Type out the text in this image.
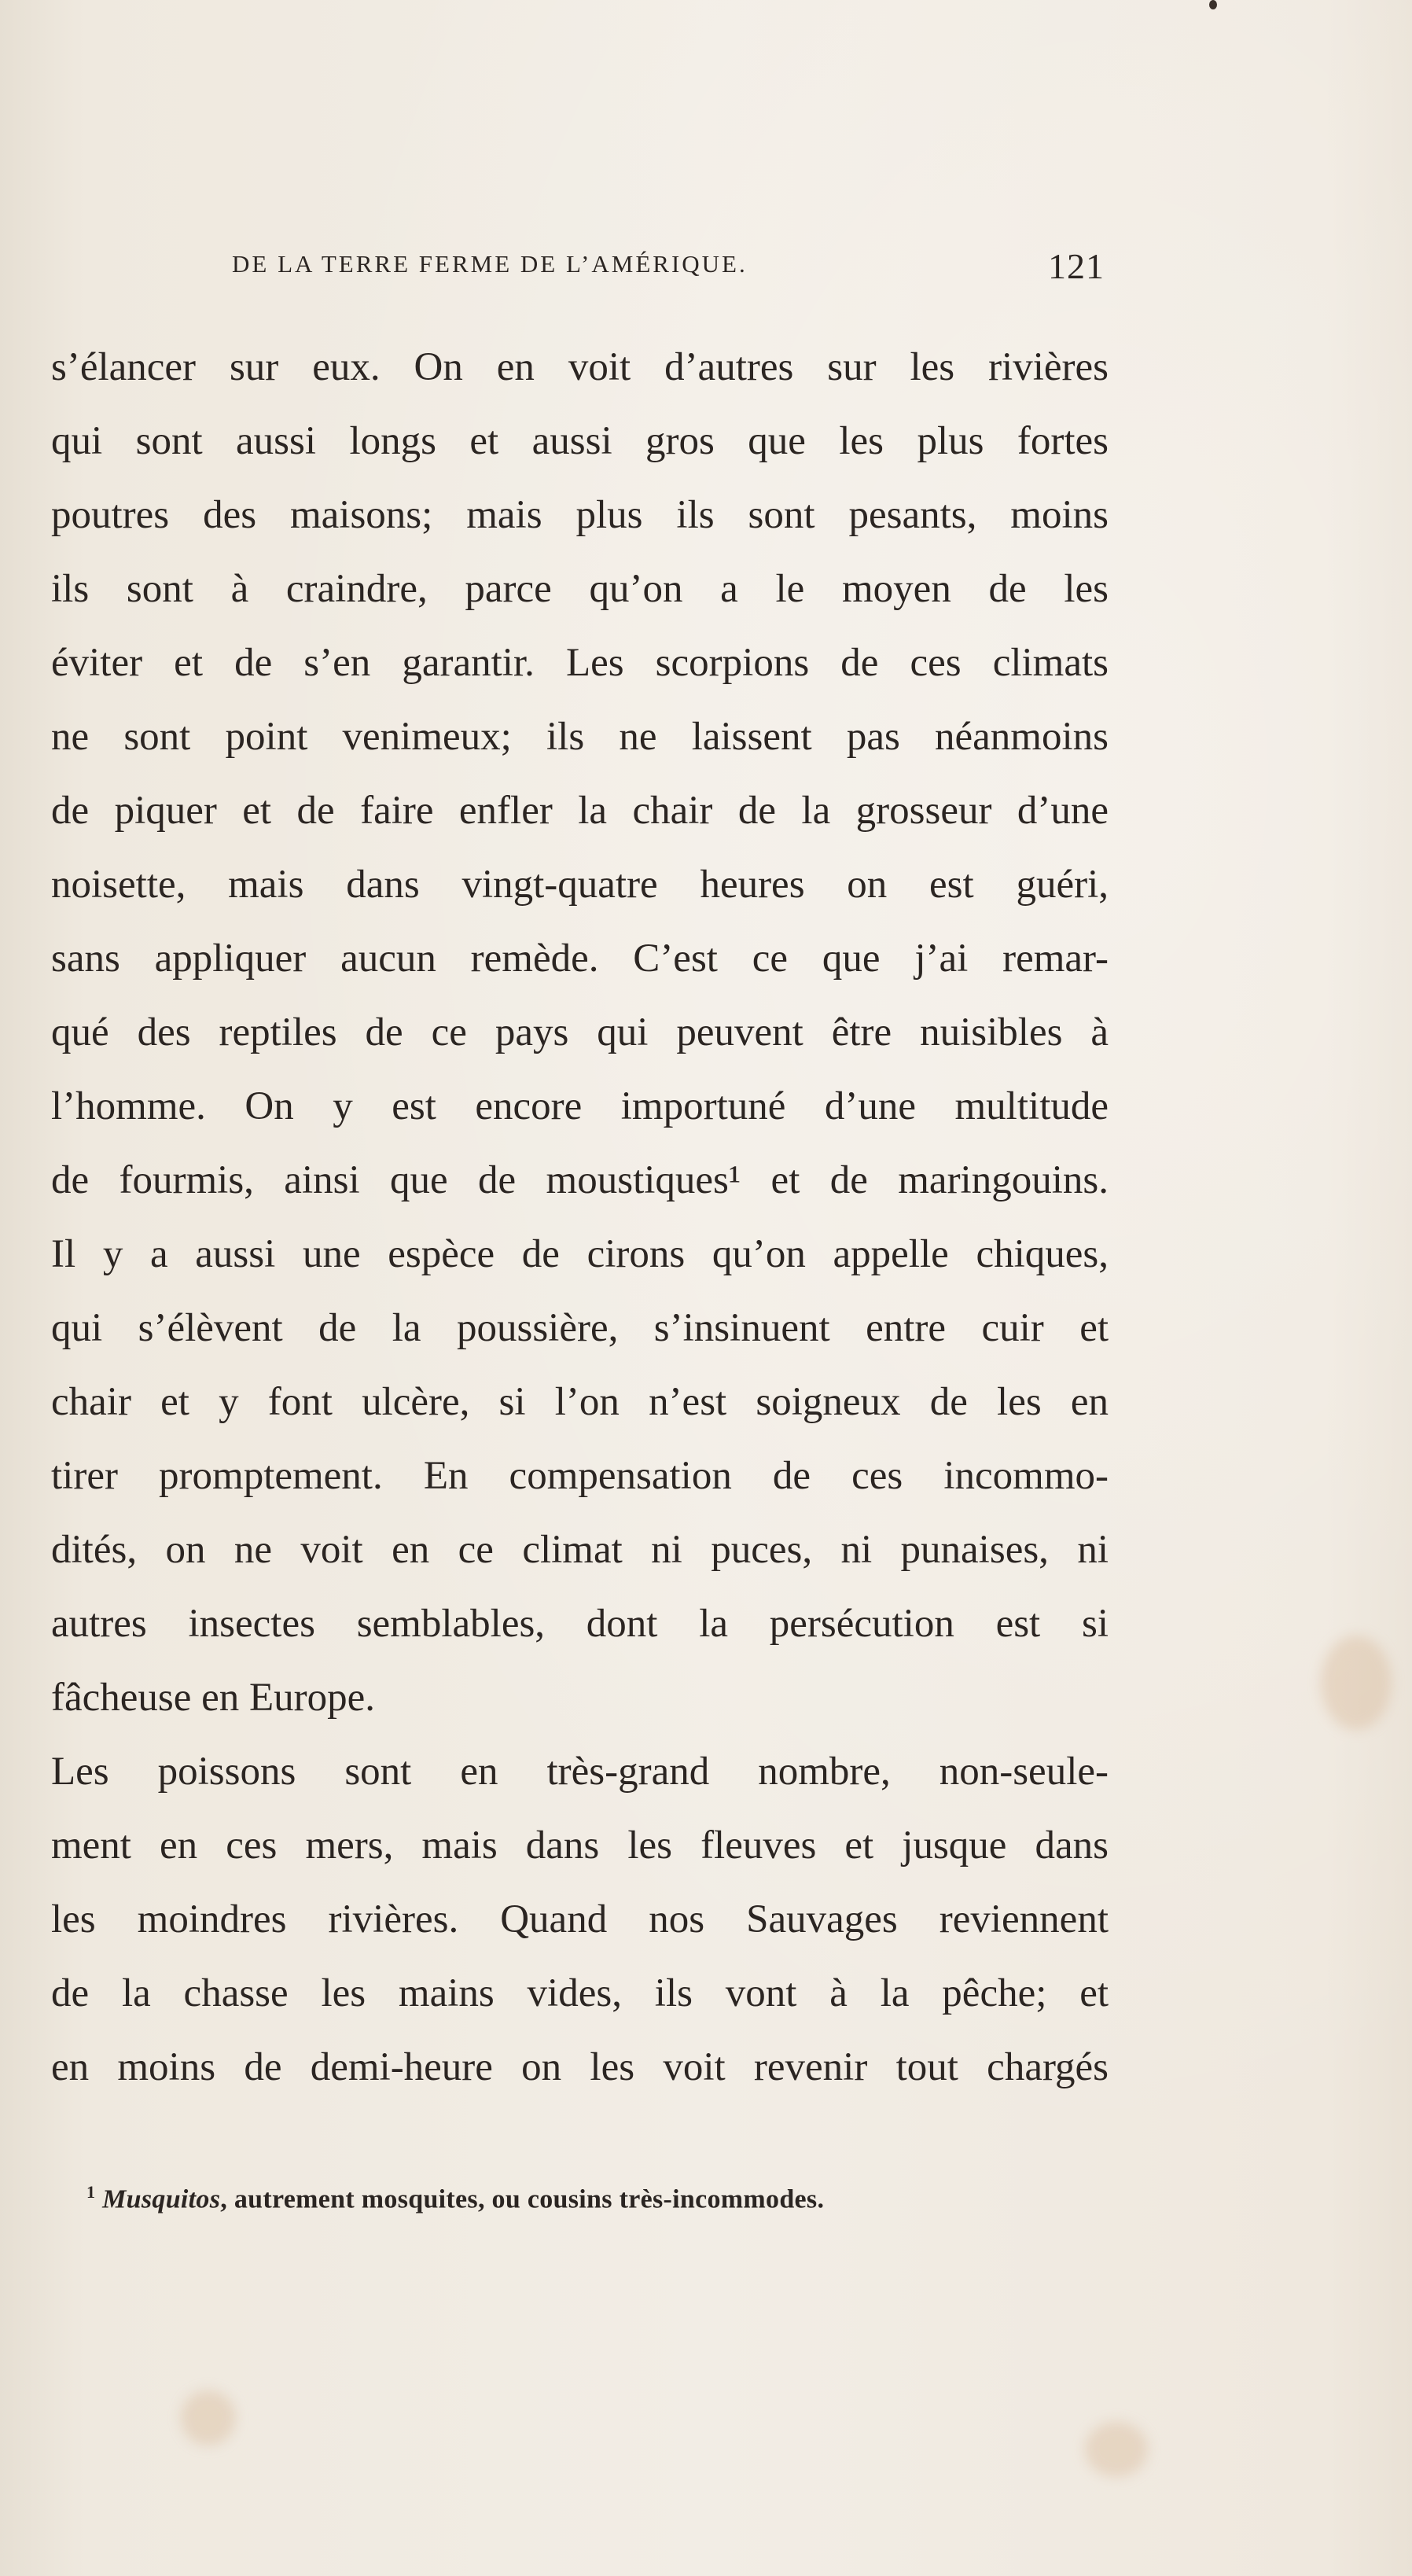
DE LA TERRE FERME DE L’AMÉRIQUE.	121
s’élancer sur eux. On en voit d’autres sur les rivières
qui sont aussi longs et aussi gros que les plus fortes
poutres des maisons; mais plus ils sont pesants, moins
ils sont à craindre, parce qu’on a le moyen de les
éviter et de s’en garantir. Les scorpions de ces climats
ne sont point venimeux; ils ne laissent pas néanmoins
de piquer et de faire enfler la chair de la grosseur d’une
noisette, mais dans vingt-quatre heures on est guéri,
sans appliquer aucun remède. C’est ce que j’ai remar-
qué des reptiles de ce pays qui peuvent être nuisibles à
l’homme. On y est encore importuné d’une multitude
de fourmis, ainsi que de moustiques¹ et de maringouins.
Il y a aussi une espèce de cirons qu’on appelle chiques,
qui s’élèvent de la poussière, s’insinuent entre cuir et
chair et y font ulcère, si l’on n’est soigneux de les en
tirer promptement. En compensation de ces incommo-
dités, on ne voit en ce climat ni puces, ni punaises, ni
autres insectes semblables, dont la persécution est si
fâcheuse en Europe.
Les poissons sont en très-grand nombre, non-seule-
ment en ces mers, mais dans les fleuves et jusque dans
les moindres rivières. Quand nos Sauvages reviennent
de la chasse les mains vides, ils vont à la pêche; et
en moins de demi-heure on les voit revenir tout chargés
$^1$ Musquitos, autrement mosquites, ou cousins très-incommodes.
